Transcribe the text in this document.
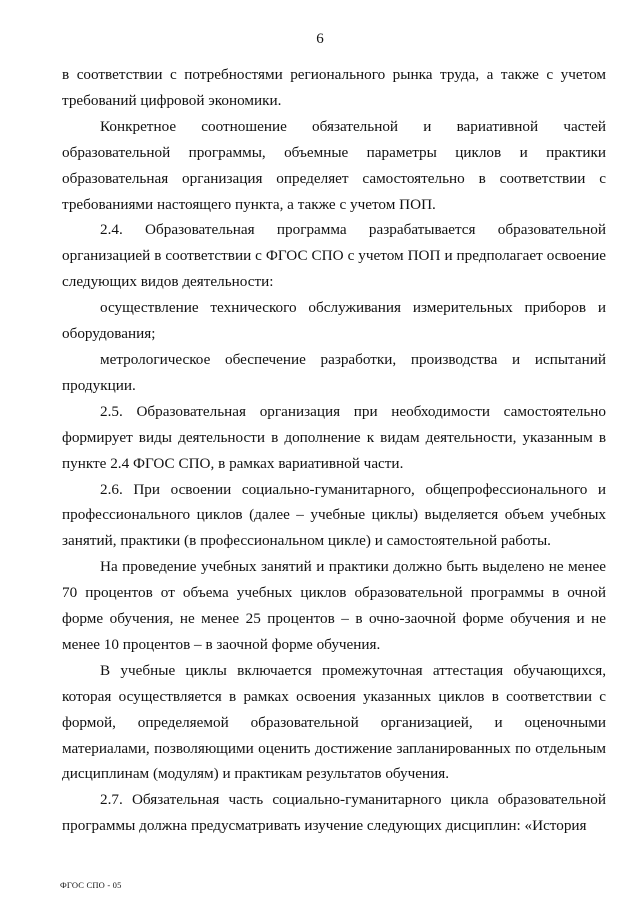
6

в соответствии с потребностями регионального рынка труда, а также с учетом требований цифровой экономики.

Конкретное соотношение обязательной и вариативной частей образовательной программы, объемные параметры циклов и практики образовательная организация определяет самостоятельно в соответствии с требованиями настоящего пункта, а также с учетом ПОП.

2.4. Образовательная программа разрабатывается образовательной организацией в соответствии с ФГОС СПО с учетом ПОП и предполагает освоение следующих видов деятельности:

осуществление технического обслуживания измерительных приборов и оборудования;

метрологическое обеспечение разработки, производства и испытаний продукции.

2.5. Образовательная организация при необходимости самостоятельно формирует виды деятельности в дополнение к видам деятельности, указанным в пункте 2.4 ФГОС СПО, в рамках вариативной части.

2.6. При освоении социально-гуманитарного, общепрофессионального и профессионального циклов (далее – учебные циклы) выделяется объем учебных занятий, практики (в профессиональном цикле) и самостоятельной работы.

На проведение учебных занятий и практики должно быть выделено не менее 70 процентов от объема учебных циклов образовательной программы в очной форме обучения, не менее 25 процентов – в очно-заочной форме обучения и не менее 10 процентов – в заочной форме обучения.

В учебные циклы включается промежуточная аттестация обучающихся, которая осуществляется в рамках освоения указанных циклов в соответствии с формой, определяемой образовательной организацией, и оценочными материалами, позволяющими оценить достижение запланированных по отдельным дисциплинам (модулям) и практикам результатов обучения.

2.7. Обязательная часть социально-гуманитарного цикла образовательной программы должна предусматривать изучение следующих дисциплин: «История

ФГОС СПО - 05
